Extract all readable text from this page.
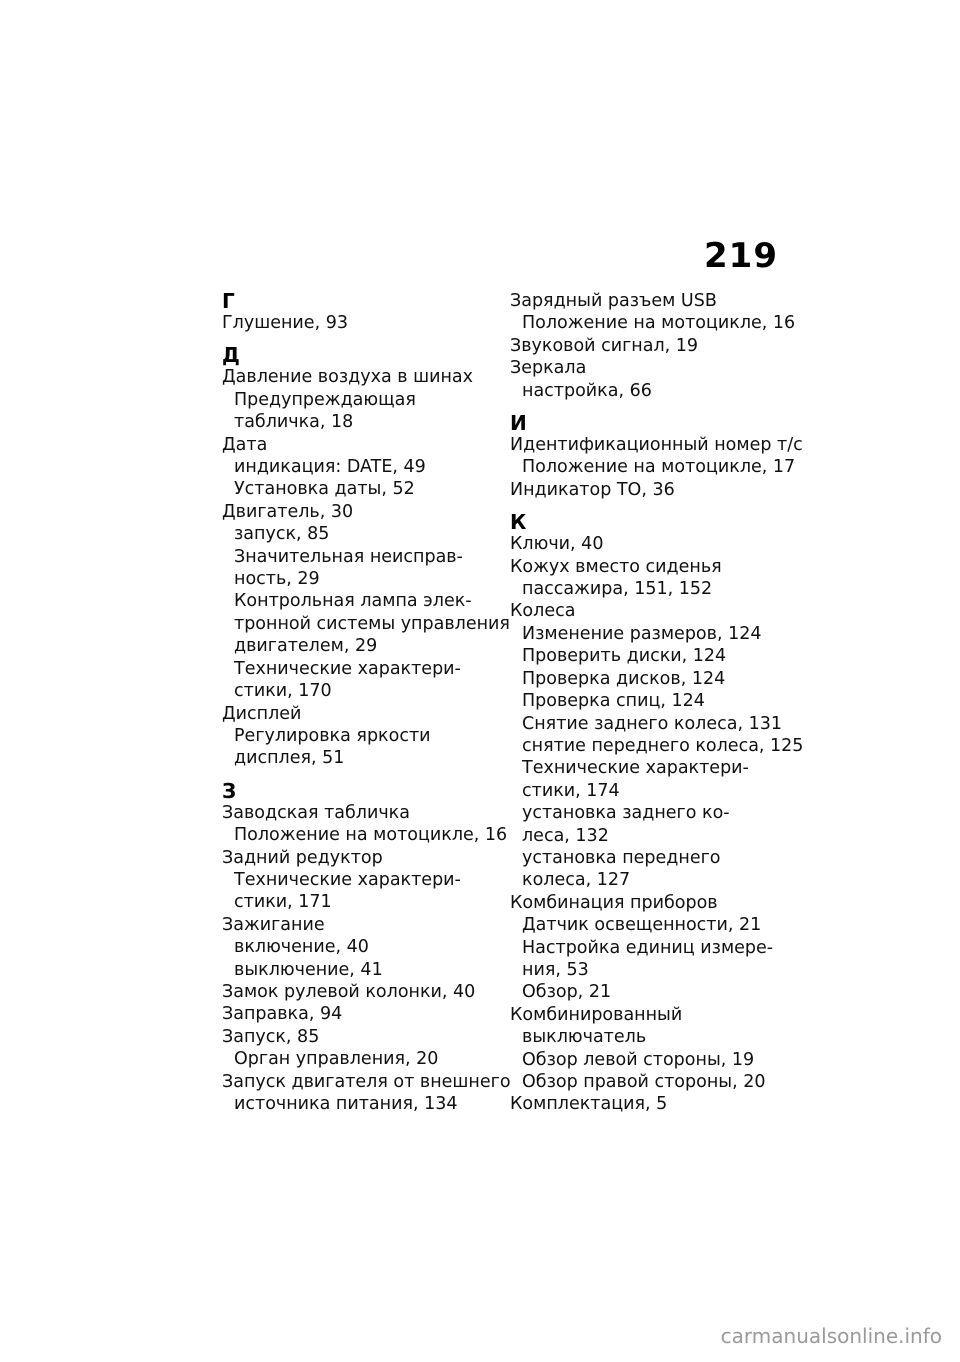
219
Г
Глушение, 93
Д
Давление воздуха в шинах
Предупреждающая
табличка, 18
Дата
индикация: DATE, 49
Установка даты, 52
Двигатель, 30
запуск, 85
Значительная неисправ-
ность, 29
Контрольная лампа элек-
тронной системы управления
двигателем, 29
Технические характери-
стики, 170
Дисплей
Регулировка яркости
дисплея, 51
З
Заводская табличка
Положение на мотоцикле, 16
Задний редуктор
Технические характери-
стики, 171
Зажигание
включение, 40
выключение, 41
Замок рулевой колонки, 40
Заправка, 94
Запуск, 85
Орган управления, 20
Запуск двигателя от внешнего
источника питания, 134
Зарядный разъем USB
Положение на мотоцикле, 16
Звуковой сигнал, 19
Зеркала
настройка, 66
И
Идентификационный номер т/с
Положение на мотоцикле, 17
Индикатор ТО, 36
К
Ключи, 40
Кожух вместо сиденья
пассажира, 151, 152
Колеса
Изменение размеров, 124
Проверить диски, 124
Проверка дисков, 124
Проверка спиц, 124
Снятие заднего колеса, 131
снятие переднего колеса, 125
Технические характери-
стики, 174
установка заднего ко-
леса, 132
установка переднего
колеса, 127
Комбинация приборов
Датчик освещенности, 21
Настройка единиц измере-
ния, 53
Обзор, 21
Комбинированный
выключатель
Обзор левой стороны, 19
Обзор правой стороны, 20
Комплектация, 5
carmanualsonline.info
